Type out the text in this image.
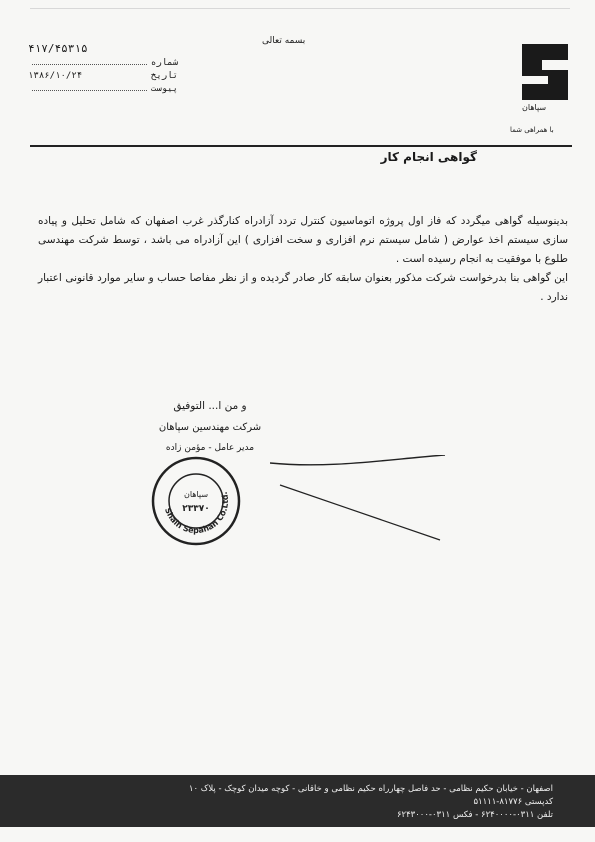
بسمه تعالی
۴۱۷/۴۵۳۱۵
شماره
تاریخ
۱۳۸۶/۱۰/۲۴
پیوست
سپاهان
با همراهی شما
گواهی انجام کار

بدینوسیله گواهی میگردد که فاز اول پروژه اتوماسیون کنترل تردد آزادراه کنارگذر غرب اصفهان که شامل تحلیل و پیاده سازی سیستم اخذ عوارض ( شامل سیستم نرم افزاری و سخت افزاری ) این آزادراه می باشد ، توسط شرکت مهندسی طلوع با موفقیت به انجام رسیده است .

این گواهی بنا بدرخواست شرکت مذکور بعنوان سابقه کار صادر گردیده و از نظر مفاصا حساب و سایر موارد قانونی اعتبار ندارد .

و من ا... التوفیق
شرکت مهندسین سپاهان
مدیر عامل - مؤمن زاده
Shain Sepahan Co.Ltd.
سپاهان
۲۳۳۷۰
اصفهان - خیابان حکیم نظامی - حد فاصل چهارراه حکیم نظامی و خاقانی - کوچه میدان کوچک - پلاک ۱۰
کدپستی ۸۱۷۷۶-۵۱۱۱۱
تلفن ۰۳۱۱-۶۲۴۰۰۰۰ - فکس ۰۳۱۱-۶۲۴۳۰۰۰
